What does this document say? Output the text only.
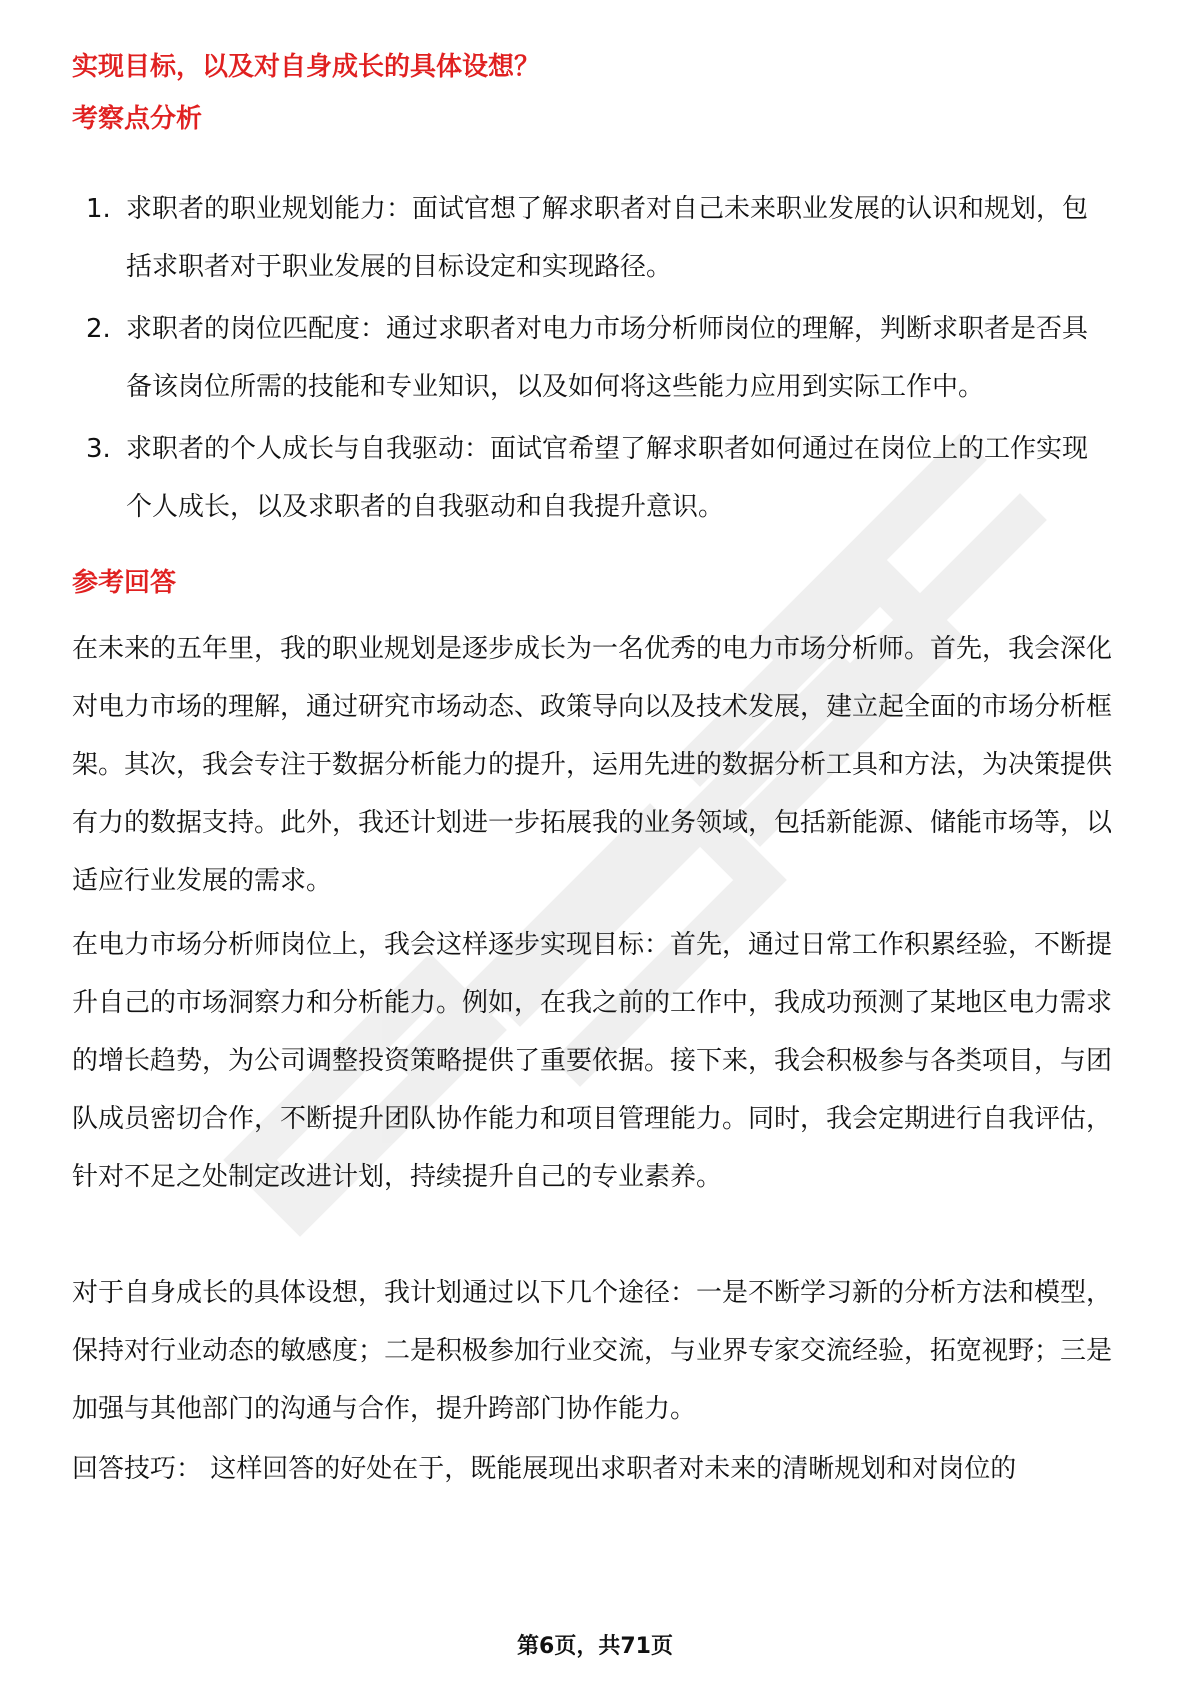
实现目标，以及对自身成长的具体设想？
考察点分析
1. 求职者的职业规划能力：面试官想了解求职者对自己未来职业发展的认识和规划，包括求职者对于职业发展的目标设定和实现路径。
2. 求职者的岗位匹配度：通过求职者对电力市场分析师岗位的理解，判断求职者是否具备该岗位所需的技能和专业知识，以及如何将这些能力应用到实际工作中。
3. 求职者的个人成长与自我驱动：面试官希望了解求职者如何通过在岗位上的工作实现个人成长，以及求职者的自我驱动和自我提升意识。
参考回答

在未来的五年里，我的职业规划是逐步成长为一名优秀的电力市场分析师。首先，我会深化对电力市场的理解，通过研究市场动态、政策导向以及技术发展，建立起全面的市场分析框架。其次，我会专注于数据分析能力的提升，运用先进的数据分析工具和方法，为决策提供有力的数据支持。此外，我还计划进一步拓展我的业务领域，包括新能源、储能市场等，以适应行业发展的需求。

在电力市场分析师岗位上，我会这样逐步实现目标：首先，通过日常工作积累经验，不断提升自己的市场洞察力和分析能力。例如，在我之前的工作中，我成功预测了某地区电力需求的增长趋势，为公司调整投资策略提供了重要依据。接下来，我会积极参与各类项目，与团队成员密切合作，不断提升团队协作能力和项目管理能力。同时，我会定期进行自我评估，针对不足之处制定改进计划，持续提升自己的专业素养。

对于自身成长的具体设想，我计划通过以下几个途径：一是不断学习新的分析方法和模型，保持对行业动态的敏感度；二是积极参加行业交流，与业界专家交流经验，拓宽视野；三是加强与其他部门的沟通与合作，提升跨部门协作能力。

回答技巧： 这样回答的好处在于，既能展现出求职者对未来的清晰规划和对岗位的

第6页，共71页
